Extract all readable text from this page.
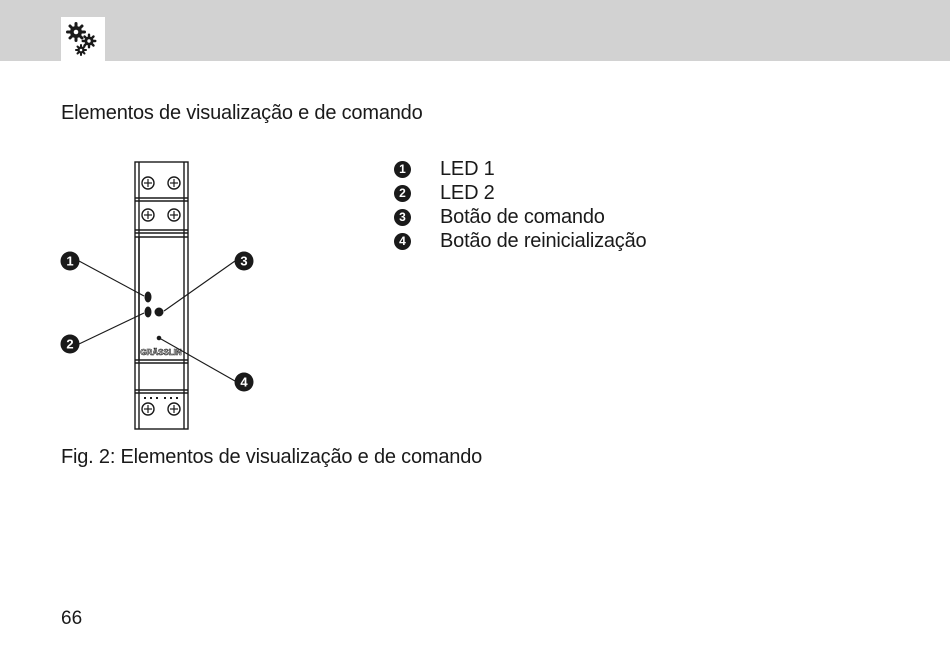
Elementos de visualização e de comando
GRÄSSLIN
1
2
3
4
1 LED 1
2 LED 2
3 Botão de comando
4 Botão de reinicialização
Fig. 2: Elementos de visualização e de comando
66
